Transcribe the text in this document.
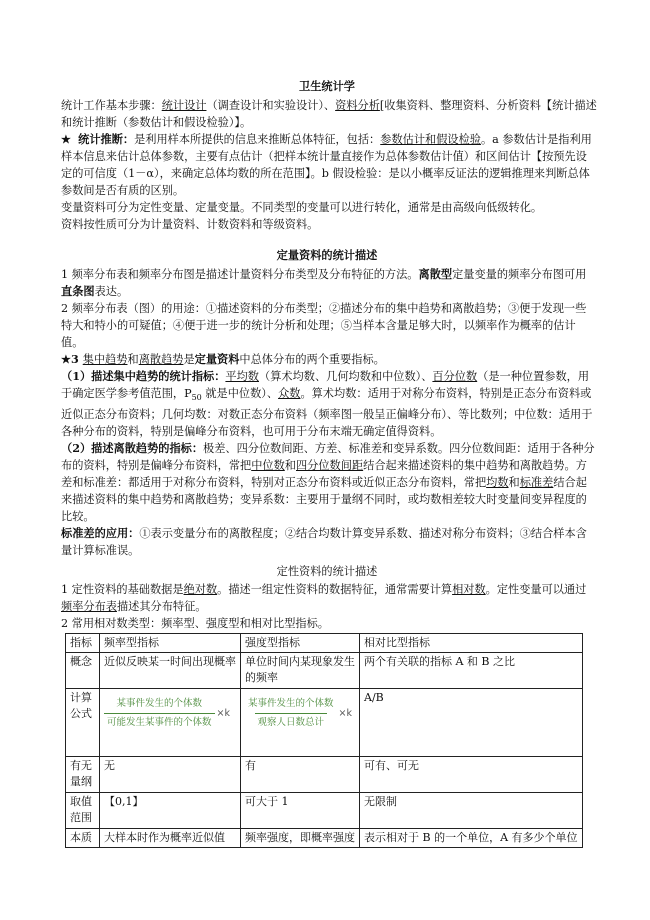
卫生统计学

统计工作基本步骤：统计设计（调查设计和实验设计）、资料分析[收集资料、整理资料、分析资料【统计描述和统计推断（参数估计和假设检验）】。

★ 统计推断：是利用样本所提供的信息来推断总体特征，包括：参数估计和假设检验。a 参数估计是指利用样本信息来估计总体参数，主要有点估计（把样本统计量直接作为总体参数估计值）和区间估计【按预先设定的可信度（1－α），来确定总体均数的所在范围】。b 假设检验：是以小概率反证法的逻辑推理来判断总体参数间是否有质的区别。

变量资料可分为定性变量、定量变量。不同类型的变量可以进行转化，通常是由高级向低级转化。

资料按性质可分为计量资料、计数资料和等级资料。

定量资料的统计描述

1 频率分布表和频率分布图是描述计量资料分布类型及分布特征的方法。离散型定量变量的频率分布图可用直条图表达。

2 频率分布表（图）的用途：①描述资料的分布类型；②描述分布的集中趋势和离散趋势；③便于发现一些特大和特小的可疑值；④便于进一步的统计分析和处理；⑤当样本含量足够大时，以频率作为概率的估计值。

★3 集中趋势和离散趋势是定量资料中总体分布的两个重要指标。

（1）描述集中趋势的统计指标：平均数（算术均数、几何均数和中位数）、百分位数（是一种位置参数，用于确定医学参考值范围，$P_{50}$ 就是中位数）、众数。算术均数：适用于对称分布资料，特别是正态分布资料或近似正态分布资料；几何均数：对数正态分布资料（频率图一般呈正偏峰分布）、等比数列；中位数：适用于各种分布的资料，特别是偏峰分布资料，也可用于分布末端无确定值得资料。

（2）描述离散趋势的指标：极差、四分位数间距、方差、标准差和变异系数。四分位数间距：适用于各种分布的资料，特别是偏峰分布资料，常把中位数和四分位数间距结合起来描述资料的集中趋势和离散趋势。方差和标准差：都适用于对称分布资料，特别对正态分布资料或近似正态分布资料，常把均数和标准差结合起来描述资料的集中趋势和离散趋势；变异系数：主要用于量纲不同时，或均数相差较大时变量间变异程度的比较。

标准差的应用：①表示变量分布的离散程度；②结合均数计算变异系数、描述对称分布资料；③结合样本含量计算标准误。

定性资料的统计描述

1 定性资料的基础数据是绝对数。描述一组定性资料的数据特征，通常需要计算相对数。定性变量可以通过频率分布表描述其分布特征。

2 常用相对数类型：频率型、强度型和相对比型指标。

指标	频率型指标	强度型指标	相对比型指标
概念	近似反映某一时间出现概率	单位时间内某现象发生的频率	两个有关联的指标 A 和 B 之比
计算公式	$\frac{\text{某事件发生的个体数}}{\text{可能发生某事件的个体数}} \times k$	$\frac{\text{某事件发生的个体数}}{\text{观察人日数总计}} \times k$	A/B
有无量纲	无	有	可有、可无
取值范围	【0,1】	可大于 1	无限制
本质	大样本时作为概率近似值	频率强度，即概率强度	表示相对于 B 的一个单位，A 有多少个单位
